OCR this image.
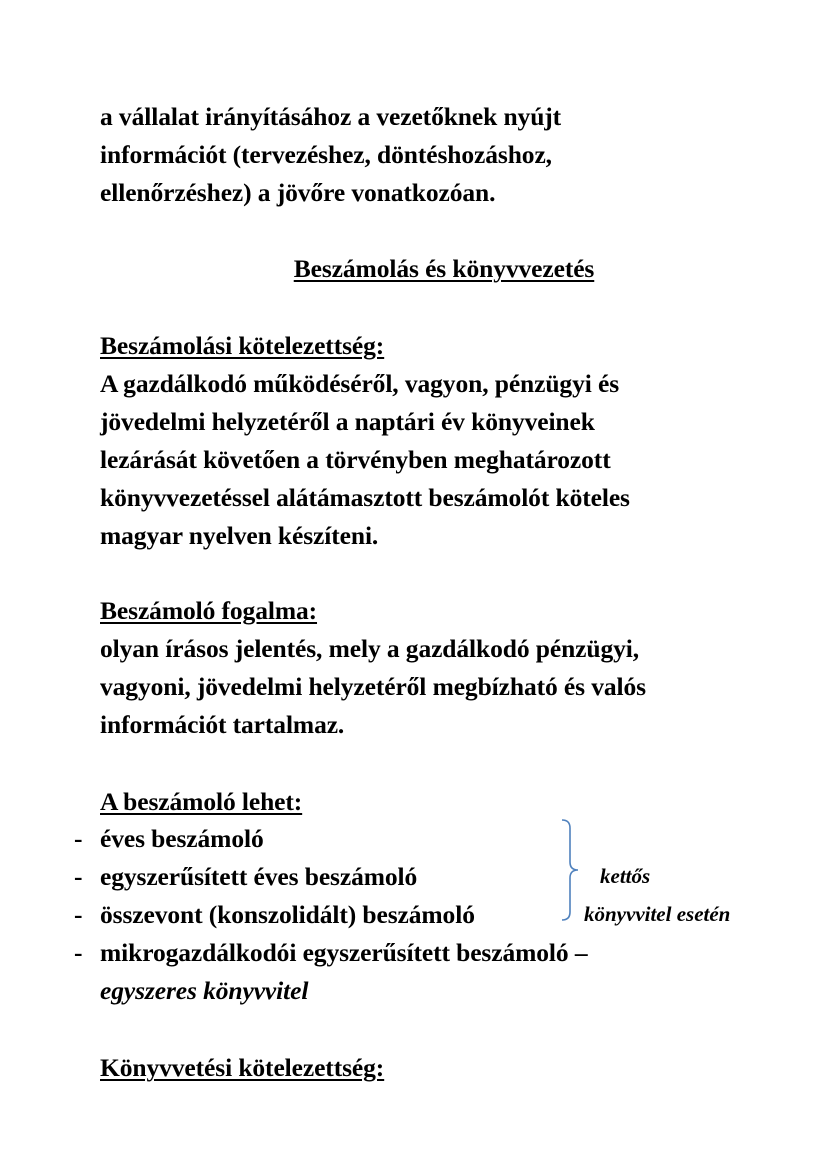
a vállalat irányításához a vezetőknek nyújt
információt (tervezéshez, döntéshozáshoz,
ellenőrzéshez) a jövőre vonatkozóan.
Beszámolás és könyvvezetés
Beszámolási kötelezettség:
A gazdálkodó működéséről, vagyon, pénzügyi és
jövedelmi helyzetéről a naptári év könyveinek
lezárását követően a törvényben meghatározott
könyvvezetéssel alátámasztott beszámolót köteles
magyar nyelven készíteni.
Beszámoló fogalma:
olyan írásos jelentés, mely a gazdálkodó pénzügyi,
vagyoni, jövedelmi helyzetéről megbízható és valós
információt tartalmaz.
A beszámoló lehet:
- éves beszámoló
- egyszerűsített éves beszámoló
- összevont (konszolidált) beszámoló
- mikrogazdálkodói egyszerűsített beszámoló –
egyszeres könyvvitel
kettős
könyvvitel esetén
Könyvvetési kötelezettség:
